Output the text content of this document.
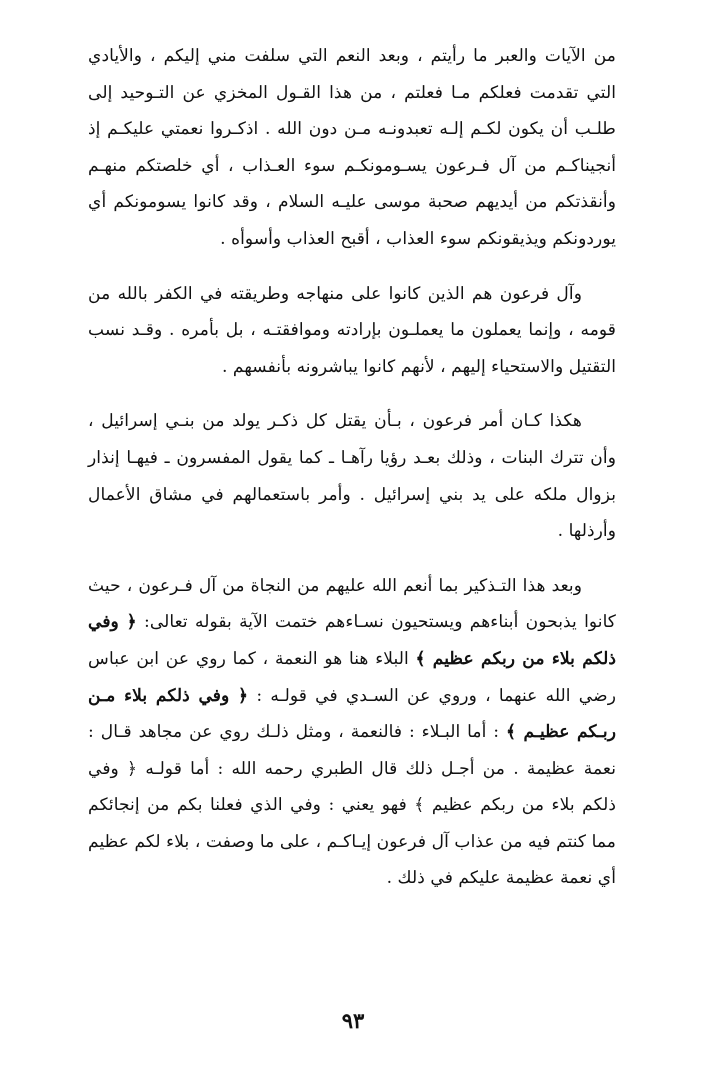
من الآيات والعبر ما رأيتم ، وبعد النعم التي سلفت مني إليكم ، والأيادي التي تقدمت فعلكم مـا فعلتم ، من هذا القـول المخزي عن التـوحيد إلى طلـب أن يكون لكـم إلـه تعبدونـه مـن دون الله . اذكـروا نعمتي عليكـم إذ أنجيناكـم من آل فـرعون يسـومونكـم سوء العـذاب ، أي خلصتكم منهـم وأنقذتكم من أيديهم صحبة موسى عليـه السلام ، وقد كانوا يسومونكم أي يوردونكم ويذيقونكم سوء العذاب ، أقبح العذاب وأسوأه .

وآل فرعون هم الذين كانوا على منهاجه وطريقته في الكفر بالله من قومه ، وإنما يعملون ما يعملـون بإرادته وموافقتـه ، بل بأمره . وقـد نسب التقتيل والاستحياء إليهم ، لأنهم كانوا يباشرونه بأنفسهم .

هكذا كـان أمر فرعون ، بـأن يقتل كل ذكـر يولد من بنـي إسرائيل ، وأن تترك البنات ، وذلك بعـد رؤيا رآهـا ـ كما يقول المفسرون ـ فيهـا إنذار بزوال ملكه على يد بني إسرائيل . وأمر باستعمالهم في مشاق الأعمال وأرذلها .

وبعد هذا التـذكير بما أنعم الله عليهم من النجاة من آل فـرعون ، حيث كانوا يذبحون أبناءهم ويستحيون نسـاءهم ختمت الآية بقوله تعالى: ﴿ وفي ذلكم بلاء من ربكم عظيم ﴾ البلاء هنا هو النعمة ، كما روي عن ابن عباس رضي الله عنهما ، وروي عن السـدي في قولـه : ﴿ وفي ذلكم بلاء مـن ربـكم عظيـم ﴾ : أما البـلاء : فالنعمة ، ومثل ذلـك روي عن مجاهد قـال : نعمة عظيمة . من أجـل ذلك قال الطبري رحمه الله : أما قولـه ﴿ وفي ذلكم بلاء من ربكم عظيم ﴾ فهو يعني : وفي الذي فعلنا بكم من إنجائكم مما كنتم فيه من عذاب آل فرعون إيـاكـم ، على ما وصفت ، بلاء لكم عظيم أي نعمة عظيمة عليكم في ذلك .

٩٣
